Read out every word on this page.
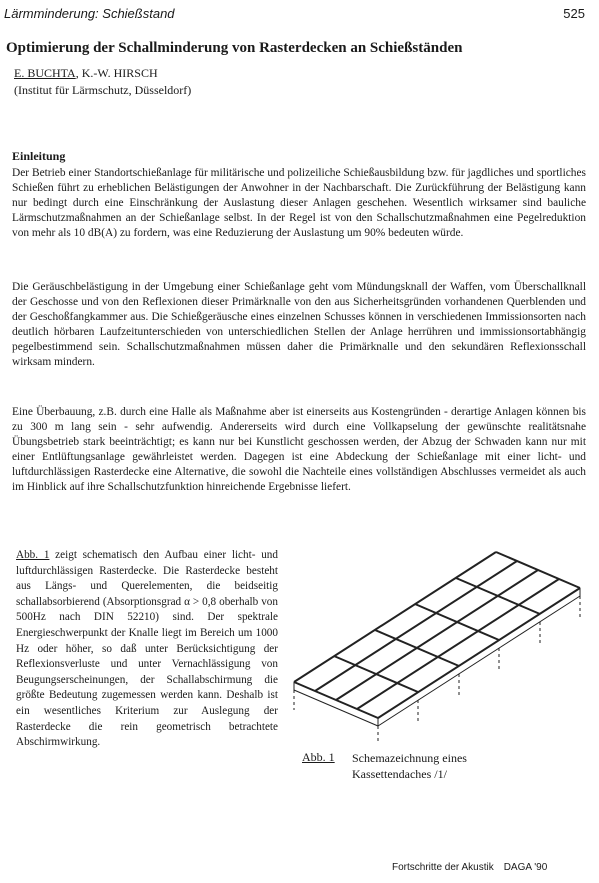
Lärmminderung: Schießstand	525
Optimierung der Schallminderung von Rasterdecken an Schießständen
E. BUCHTA, K.-W. HIRSCH
(Institut für Lärmschutz, Düsseldorf)
Einleitung
Der Betrieb einer Standortschießanlage für militärische und polizeiliche Schießausbildung bzw. für jagdliches und sportliches Schießen führt zu erheblichen Belästigungen der Anwohner in der Nachbarschaft. Die Zurückführung der Belästigung kann nur bedingt durch eine Einschränkung der Auslastung dieser Anlagen geschehen. Wesentlich wirksamer sind bauliche Lärmschutzmaßnahmen an der Schießanlage selbst. In der Regel ist von den Schallschutzmaßnahmen eine Pegelreduktion von mehr als 10 dB(A) zu fordern, was eine Reduzierung der Auslastung um 90% bedeuten würde.
Die Geräuschbelästigung in der Umgebung einer Schießanlage geht vom Mündungsknall der Waffen, vom Überschallknall der Geschosse und von den Reflexionen dieser Primärknalle von den aus Sicherheitsgründen vorhandenen Querblenden und der Geschoßfangkammer aus. Die Schießgeräusche eines einzelnen Schusses können in verschiedenen Immissionsorten nach deutlich hörbaren Laufzeitunterschieden von unterschiedlichen Stellen der Anlage herrühren und immissionsortabhängig pegelbestimmend sein. Schallschutzmaßnahmen müssen daher die Primärknalle und den sekundären Reflexionsschall wirksam mindern.
Eine Überbauung, z.B. durch eine Halle als Maßnahme aber ist einerseits aus Kostengründen - derartige Anlagen können bis zu 300 m lang sein - sehr aufwendig. Andererseits wird durch eine Vollkapselung der gewünschte realitätsnahe Übungsbetrieb stark beeinträchtigt; es kann nur bei Kunstlicht geschossen werden, der Abzug der Schwaden kann nur mit einer Entlüftungsanlage gewährleistet werden. Dagegen ist eine Abdeckung der Schießanlage mit einer licht- und luftdurchlässigen Rasterdecke eine Alternative, die sowohl die Nachteile eines vollständigen Abschlusses vermeidet als auch im Hinblick auf ihre Schallschutzfunktion hinreichende Ergebnisse liefert.
Abb. 1 zeigt schematisch den Aufbau einer licht- und luftdurchlässigen Rasterdecke. Die Rasterdecke besteht aus Längs- und Querelementen, die beidseitig schallabsorbierend (Absorptionsgrad α > 0,8 oberhalb von 500Hz nach DIN 52210) sind. Der spektrale Energieschwerpunkt der Knalle liegt im Bereich um 1000 Hz oder höher, so daß unter Berücksichtigung der Reflexionsverluste und unter Vernachlässigung von Beugungserscheinungen, der Schallabschirmung die größte Bedeutung zugemessen werden kann. Deshalb ist ein wesentliches Kriterium zur Auslegung der Rasterdecke die rein geometrisch betrachtete Abschirmwirkung.
Abb. 1 Schemazeichnung eines Kassettendaches /1/
Fortschritte der Akustik DAGA '90
